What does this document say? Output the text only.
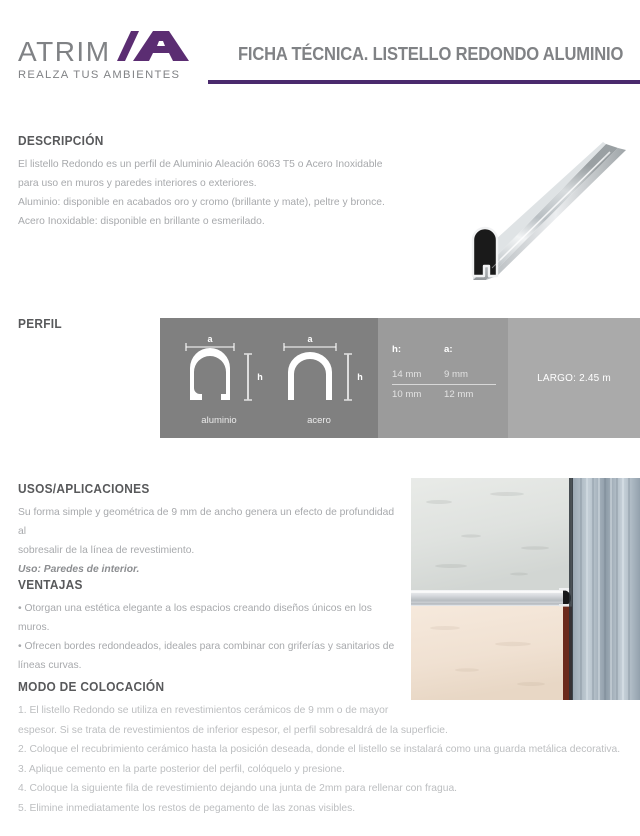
ATRIM
REALZA TUS AMBIENTES
FICHA TÉCNICA. LISTELLO REDONDO ALUMINIO
DESCRIPCIÓN
El listello Redondo es un perfil de Aluminio Aleación 6063 T5 o Acero Inoxidable
para uso en muros y paredes interiores o exteriores.
Aluminio: disponible en acabados oro y cromo (brillante y mate), peltre y bronce.
Acero Inoxidable: disponible en brillante o esmerilado.
PERFIL
a
h
aluminio
a
h
acero
h:	a:
14 mm	9 mm
10 mm	12 mm
LARGO: 2.45 m
USOS/APLICACIONES
Su forma simple y geométrica de 9 mm de ancho genera un efecto de profundidad al
sobresalir de la línea de revestimiento.
Uso: Paredes de interior.
VENTAJAS
• Otorgan una estética elegante a los espacios creando diseños únicos en los muros.
• Ofrecen bordes redondeados, ideales para combinar con griferías y sanitarios de
líneas curvas.
MODO DE COLOCACIÓN
1. El listello Redondo se utiliza en revestimientos cerámicos de 9 mm o de mayor
espesor. Si se trata de revestimientos de inferior espesor, el perfil sobresaldrá de la superficie.
2. Coloque el recubrimiento cerámico hasta la posición deseada, donde el listello se instalará como una guarda metálica decorativa.
3. Aplique cemento en la parte posterior del perfil, colóquelo y presione.
4. Coloque la siguiente fila de revestimiento dejando una junta de 2mm para rellenar con fragua.
5. Elimine inmediatamente los restos de pegamento de las zonas visibles.
